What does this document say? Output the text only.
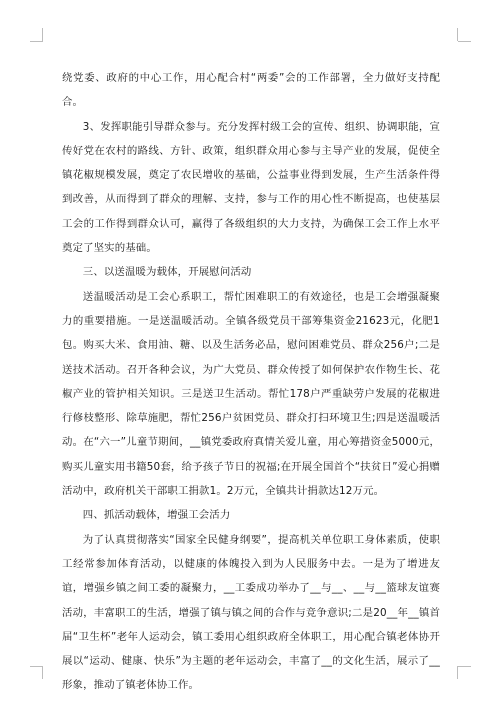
绕党委、政府的中心工作，用心配合村“两委”会的工作部署，全力做好支持配合。

3、发挥职能引导群众参与。充分发挥村级工会的宣传、组织、协调职能，宣传好党在农村的路线、方针、政策，组织群众用心参与主导产业的发展，促使全镇花椒规模发展，奠定了农民增收的基础，公益事业得到发展，生产生活条件得到改善，从而得到了群众的理解、支持，参与工作的用心性不断提高，也使基层工会的工作得到群众认可，赢得了各级组织的大力支持，为确保工会工作上水平奠定了坚实的基础。

三、以送温暖为载体，开展慰问活动

送温暖活动是工会心系职工，帮忙困难职工的有效途径，也是工会增强凝聚力的重要措施。一是送温暖活动。全镇各级党员干部筹集资金21623元，化肥1包。购买大米、食用油、糖、以及生活务必品，慰问困难党员、群众256户;二是送技术活动。召开各种会议，为广大党员、群众传授了如何保护农作物生长、花椒产业的管护相关知识。三是送卫生活动。帮忙178户严重缺劳户发展的花椒进行修枝整形、除草施肥，帮忙256户贫困党员、群众打扫环境卫生;四是送温暖活动。在“六一”儿童节期间，__镇党委政府真情关爱儿童，用心筹措资金5000元，购买儿童实用书籍50套，给予孩子节日的祝福;在开展全国首个“扶贫日”爱心捐赠活动中，政府机关干部职工捐款1。2万元，全镇共计捐款达12万元。

四、抓活动载体，增强工会活力

为了认真贯彻落实“国家全民健身纲要”，提高机关单位职工身体素质，使职工经常参加体育活动，以健康的体魄投入到为人民服务中去。一是为了增进友谊，增强乡镇之间工委的凝聚力，__工委成功举办了__与__、__与__篮球友谊赛活动，丰富职工的生活，增强了镇与镇之间的合作与竞争意识;二是20__年__镇首届“卫生杯”老年人运动会，镇工委用心组织政府全体职工，用心配合镇老体协开展以“运动、健康、快乐”为主题的老年运动会，丰富了__的文化生活，展示了__形象，推动了镇老体协工作。
